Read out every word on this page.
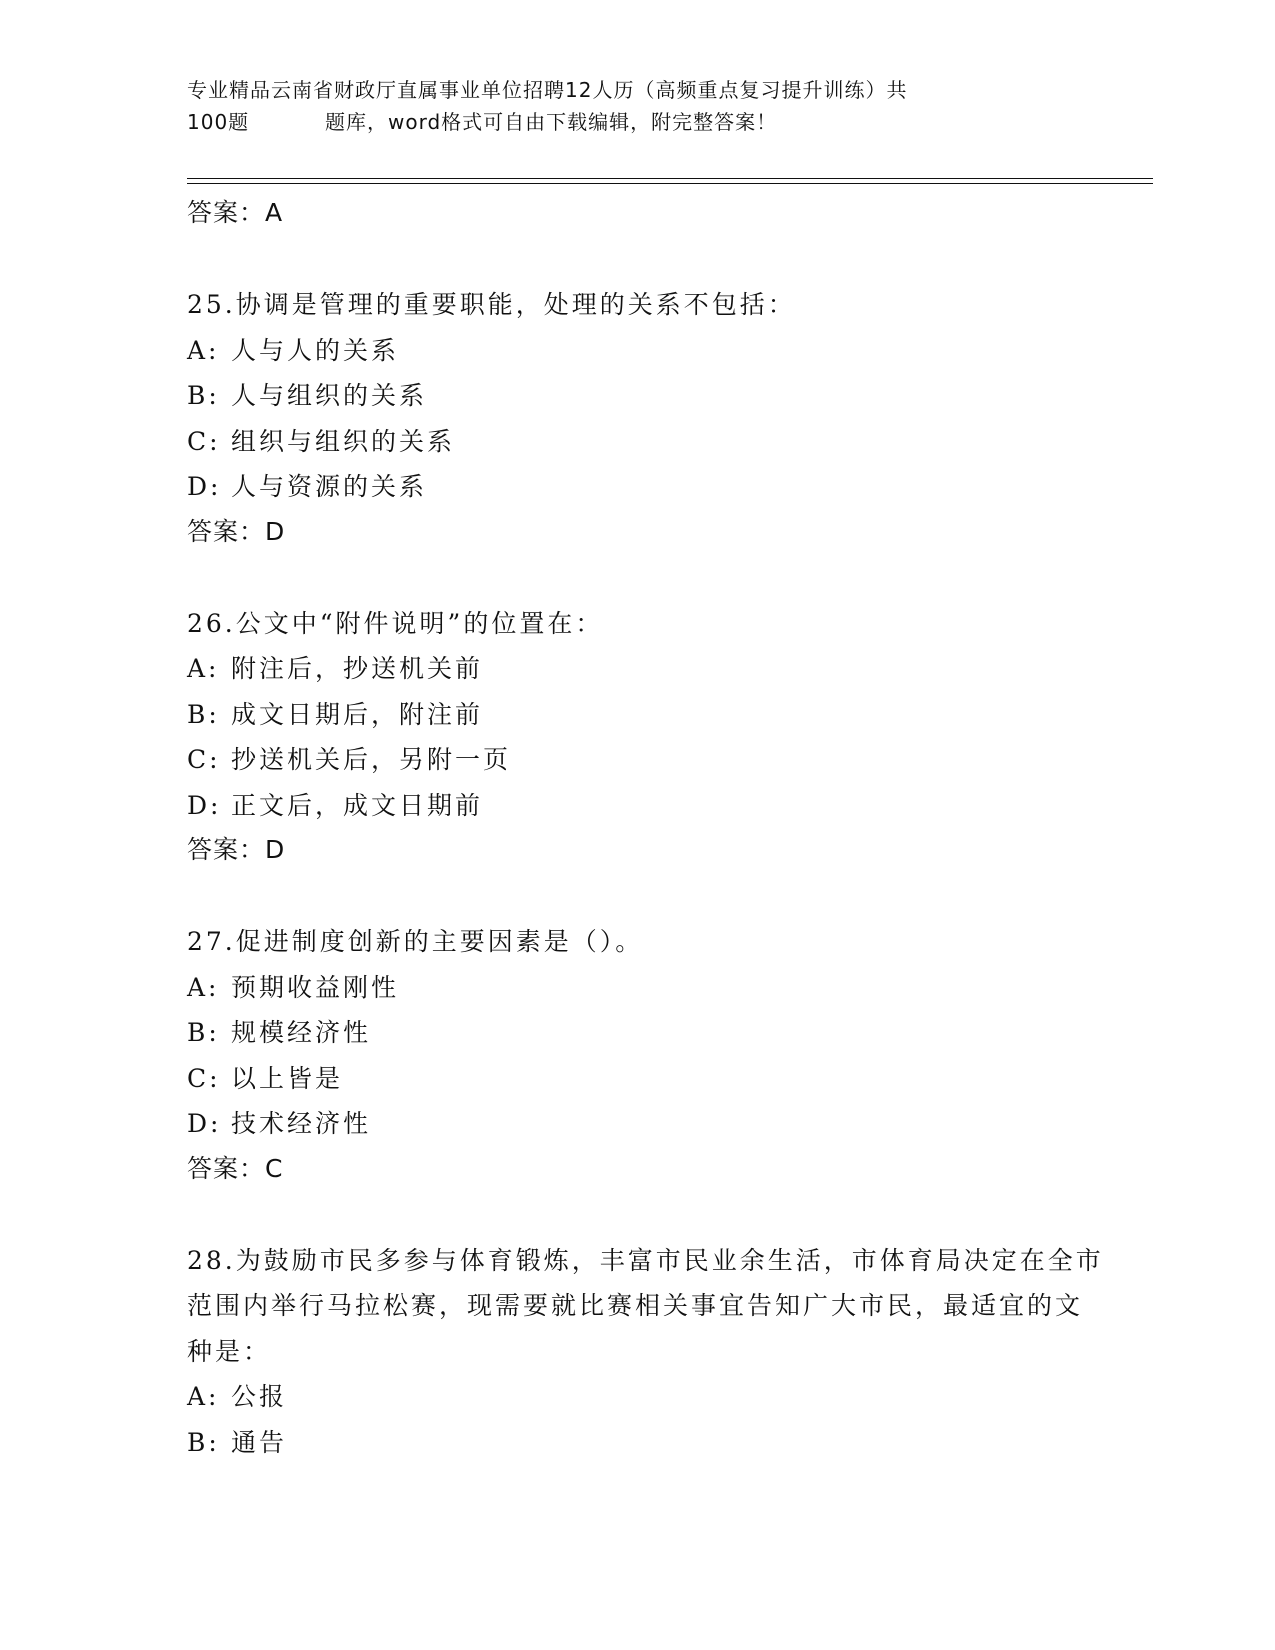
专业精品云南省财政厅直属事业单位招聘12人历（高频重点复习提升训练）共
100题	题库，word格式可自由下载编辑，附完整答案！
答案：A
25.协调是管理的重要职能，处理的关系不包括：
A: 人与人的关系
B: 人与组织的关系
C: 组织与组织的关系
D: 人与资源的关系
答案：D
26.公文中“附件说明”的位置在：
A: 附注后，抄送机关前
B: 成文日期后，附注前
C: 抄送机关后，另附一页
D: 正文后，成文日期前
答案：D
27.促进制度创新的主要因素是（）。
A: 预期收益刚性
B: 规模经济性
C: 以上皆是
D: 技术经济性
答案：C
28.为鼓励市民多参与体育锻炼，丰富市民业余生活，市体育局决定在全市范围内举行马拉松赛，现需要就比赛相关事宜告知广大市民，最适宜的文种是：
A: 公报
B: 通告
